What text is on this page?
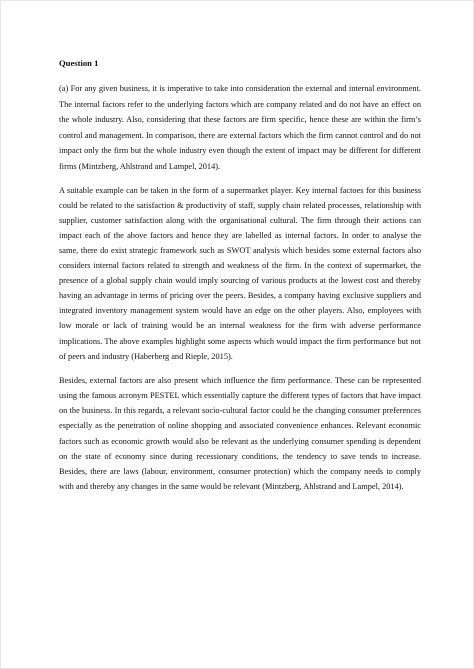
Question 1

(a) For any given business, it is imperative to take into consideration the external and internal environment. The internal factors refer to the underlying factors which are company related and do not have an effect on the whole industry. Also, considering that these factors are firm specific, hence these are within the firm’s control and management. In comparison, there are external factors which the firm cannot control and do not impact only the firm but the whole industry even though the extent of impact may be different for different firms (Mintzberg, Ahlstrand and Lampel, 2014).

A suitable example can be taken in the form of a supermarket player. Key internal factoes for this business could be related to the satisfaction & productivity of staff, supply chain related processes, relationship with supplier, customer satisfaction along with the organisational cultural. The firm through their actions can impact each of the above factors and hence they are labelled as internal factors. In order to analyse the same, there do exist strategic framework such as SWOT analysis which besides some external factors also considers internal factors related to strength and weakness of the firm. In the context of supermarket, the presence of a global supply chain would imply sourcing of various products at the lowest cost and thereby having an advantage in terms of pricing over the peers. Besides, a company having exclusive suppliers and integrated inventory management system would have an edge on the other players. Also, employees with low morale or lack of training would be an internal weakness for the firm with adverse performance implications. The above examples highlight some aspects which would impact the firm performance but not of peers and industry (Haberberg and Rieple, 2015).

Besides, external factors are also present which influence the firm performance. These can be represented using the famous acronym PESTEL which essentially capture the different types of factors that have impact on the business. In this regards, a relevant socio-cultural factor could be the changing consumer preferences especially as the penetration of online shopping and associated convenience enhances. Relevant economic factors such as economic growth would also be relevant as the underlying consumer spending is dependent on the state of economy since during recessionary conditions, the tendency to save tends to increase. Besides, there are laws (labour, environment, consumer protection) which the company needs to comply with and thereby any changes in the same would be relevant (Mintzberg, Ahlstrand and Lampel, 2014).
